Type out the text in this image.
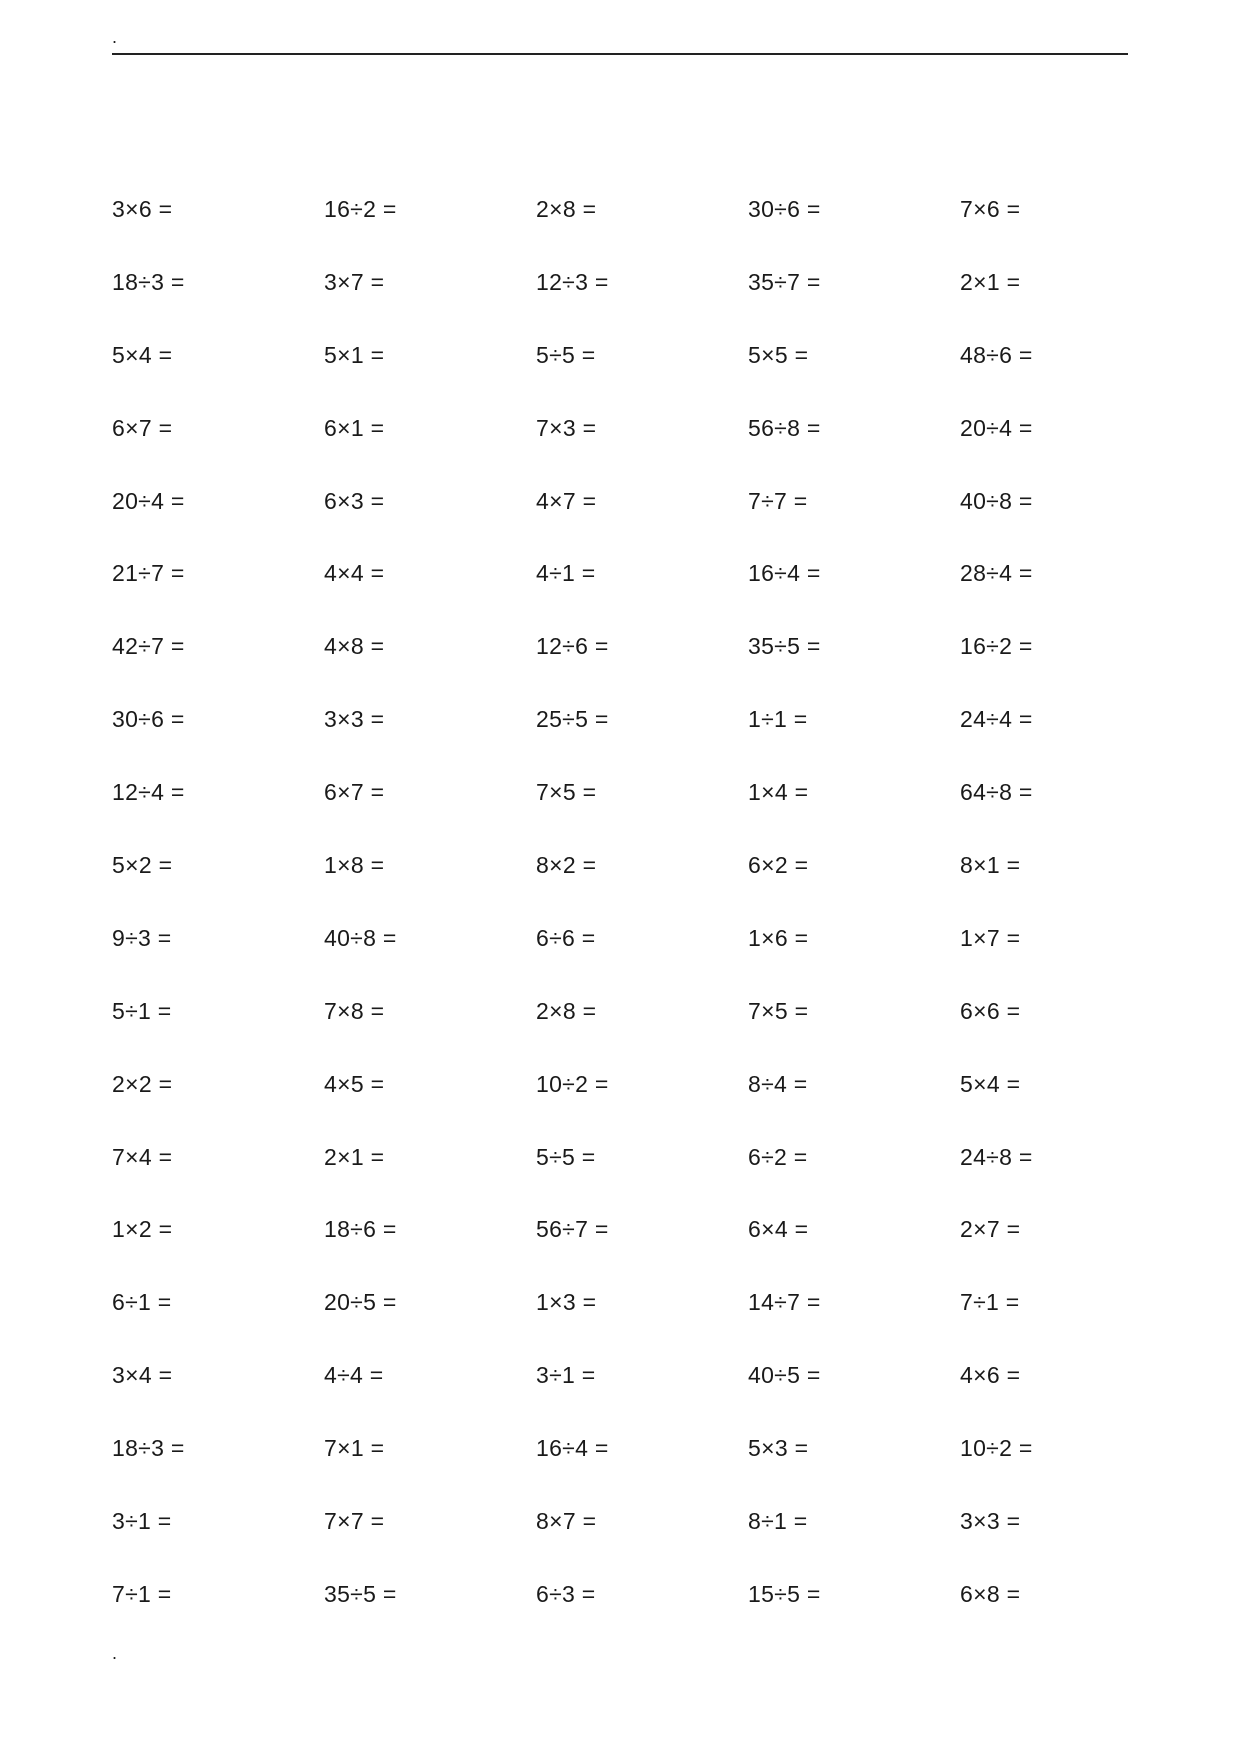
.
3×6 =	16÷2 =	2×8 =	30÷6 =	7×6 =
18÷3 =	3×7 =	12÷3 =	35÷7 =	2×1 =
5×4 =	5×1 =	5÷5 =	5×5 =	48÷6 =
6×7 =	6×1 =	7×3 =	56÷8 =	20÷4 =
20÷4 =	6×3 =	4×7 =	7÷7 =	40÷8 =
21÷7 =	4×4 =	4÷1 =	16÷4 =	28÷4 =
42÷7 =	4×8 =	12÷6 =	35÷5 =	16÷2 =
30÷6 =	3×3 =	25÷5 =	1÷1 =	24÷4 =
12÷4 =	6×7 =	7×5 =	1×4 =	64÷8 =
5×2 =	1×8 =	8×2 =	6×2 =	8×1 =
9÷3 =	40÷8 =	6÷6 =	1×6 =	1×7 =
5÷1 =	7×8 =	2×8 =	7×5 =	6×6 =
2×2 =	4×5 =	10÷2 =	8÷4 =	5×4 =
7×4 =	2×1 =	5÷5 =	6÷2 =	24÷8 =
1×2 =	18÷6 =	56÷7 =	6×4 =	2×7 =
6÷1 =	20÷5 =	1×3 =	14÷7 =	7÷1 =
3×4 =	4÷4 =	3÷1 =	40÷5 =	4×6 =
18÷3 =	7×1 =	16÷4 =	5×3 =	10÷2 =
3÷1 =	7×7 =	8×7 =	8÷1 =	3×3 =
7÷1 =	35÷5 =	6÷3 =	15÷5 =	6×8 =
.
